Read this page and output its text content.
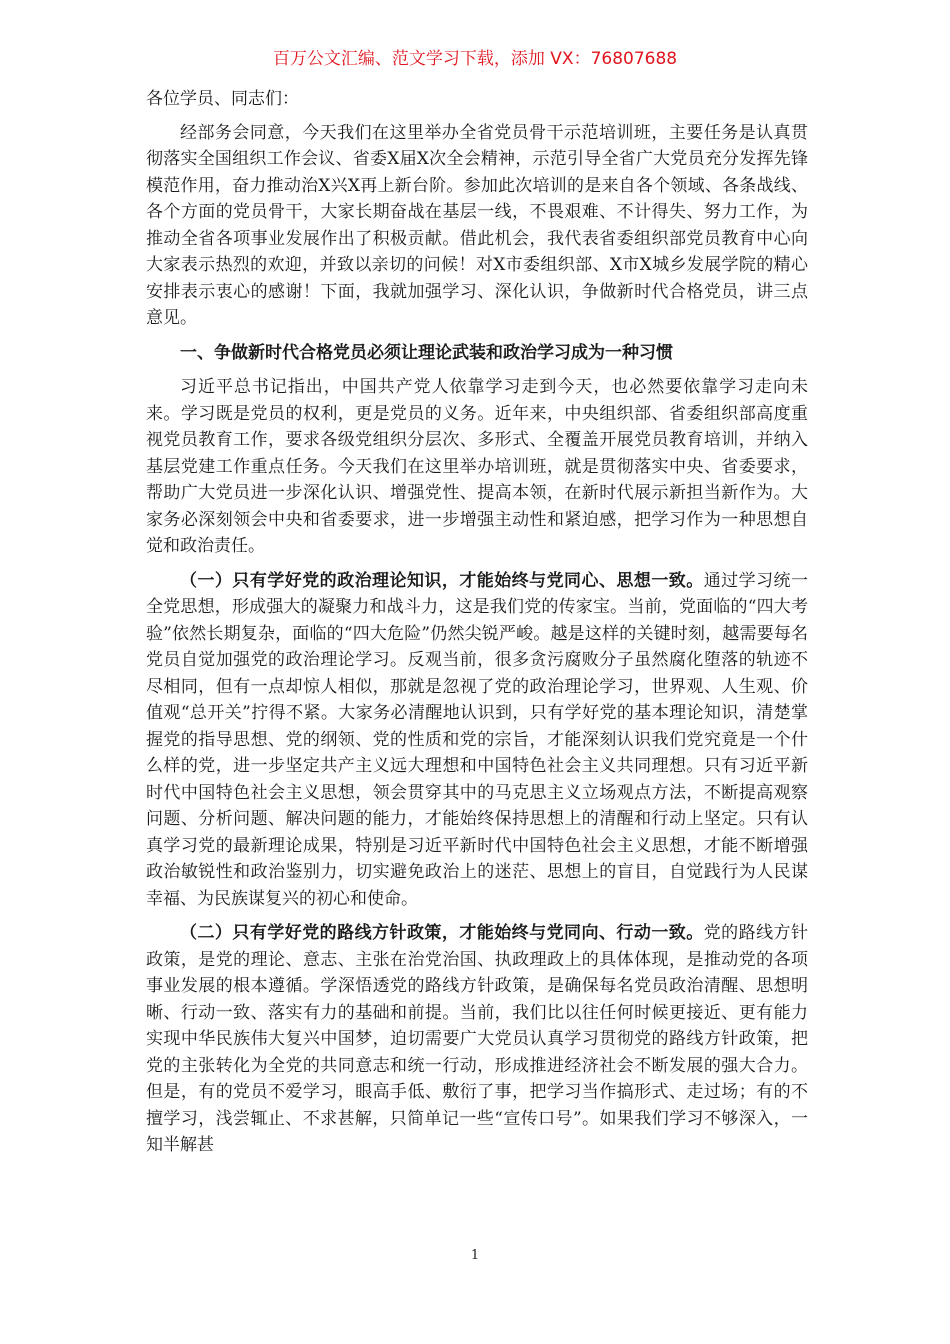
百万公文汇编、范文学习下载，添加 VX：76807688

各位学员、同志们：

经部务会同意，今天我们在这里举办全省党员骨干示范培训班，主要任务是认真贯彻落实全国组织工作会议、省委Ⅹ届Ⅹ次全会精神，示范引导全省广大党员充分发挥先锋模范作用，奋力推动治Ⅹ兴Ⅹ再上新台阶。参加此次培训的是来自各个领域、各条战线、各个方面的党员骨干，大家长期奋战在基层一线，不畏艰难、不计得失、努力工作，为推动全省各项事业发展作出了积极贡献。借此机会，我代表省委组织部党员教育中心向大家表示热烈的欢迎，并致以亲切的问候！对Ⅹ市委组织部、Ⅹ市Ⅹ城乡发展学院的精心安排表示衷心的感谢！下面，我就加强学习、深化认识，争做新时代合格党员，讲三点意见。

一、争做新时代合格党员必须让理论武装和政治学习成为一种习惯

习近平总书记指出，中国共产党人依靠学习走到今天，也必然要依靠学习走向未来。学习既是党员的权利，更是党员的义务。近年来，中央组织部、省委组织部高度重视党员教育工作，要求各级党组织分层次、多形式、全覆盖开展党员教育培训，并纳入基层党建工作重点任务。今天我们在这里举办培训班，就是贯彻落实中央、省委要求，帮助广大党员进一步深化认识、增强党性、提高本领，在新时代展示新担当新作为。大家务必深刻领会中央和省委要求，进一步增强主动性和紧迫感，把学习作为一种思想自觉和政治责任。

（一）只有学好党的政治理论知识，才能始终与党同心、思想一致。通过学习统一全党思想，形成强大的凝聚力和战斗力，这是我们党的传家宝。当前，党面临的“四大考验”依然长期复杂，面临的“四大危险”仍然尖锐严峻。越是这样的关键时刻，越需要每名党员自觉加强党的政治理论学习。反观当前，很多贪污腐败分子虽然腐化堕落的轨迹不尽相同，但有一点却惊人相似，那就是忽视了党的政治理论学习，世界观、人生观、价值观“总开关”拧得不紧。大家务必清醒地认识到，只有学好党的基本理论知识，清楚掌握党的指导思想、党的纲领、党的性质和党的宗旨，才能深刻认识我们党究竟是一个什么样的党，进一步坚定共产主义远大理想和中国特色社会主义共同理想。只有习近平新时代中国特色社会主义思想，领会贯穿其中的马克思主义立场观点方法，不断提高观察问题、分析问题、解决问题的能力，才能始终保持思想上的清醒和行动上坚定。只有认真学习党的最新理论成果，特别是习近平新时代中国特色社会主义思想，才能不断增强政治敏锐性和政治鉴别力，切实避免政治上的迷茫、思想上的盲目，自觉践行为人民谋幸福、为民族谋复兴的初心和使命。

（二）只有学好党的路线方针政策，才能始终与党同向、行动一致。党的路线方针政策，是党的理论、意志、主张在治党治国、执政理政上的具体体现，是推动党的各项事业发展的根本遵循。学深悟透党的路线方针政策，是确保每名党员政治清醒、思想明晰、行动一致、落实有力的基础和前提。当前，我们比以往任何时候更接近、更有能力实现中华民族伟大复兴中国梦，迫切需要广大党员认真学习贯彻党的路线方针政策，把党的主张转化为全党的共同意志和统一行动，形成推进经济社会不断发展的强大合力。但是，有的党员不爱学习，眼高手低、敷衍了事，把学习当作搞形式、走过场；有的不擅学习，浅尝辄止、不求甚解，只简单记一些“宣传口号”。如果我们学习不够深入，一知半解甚

1
